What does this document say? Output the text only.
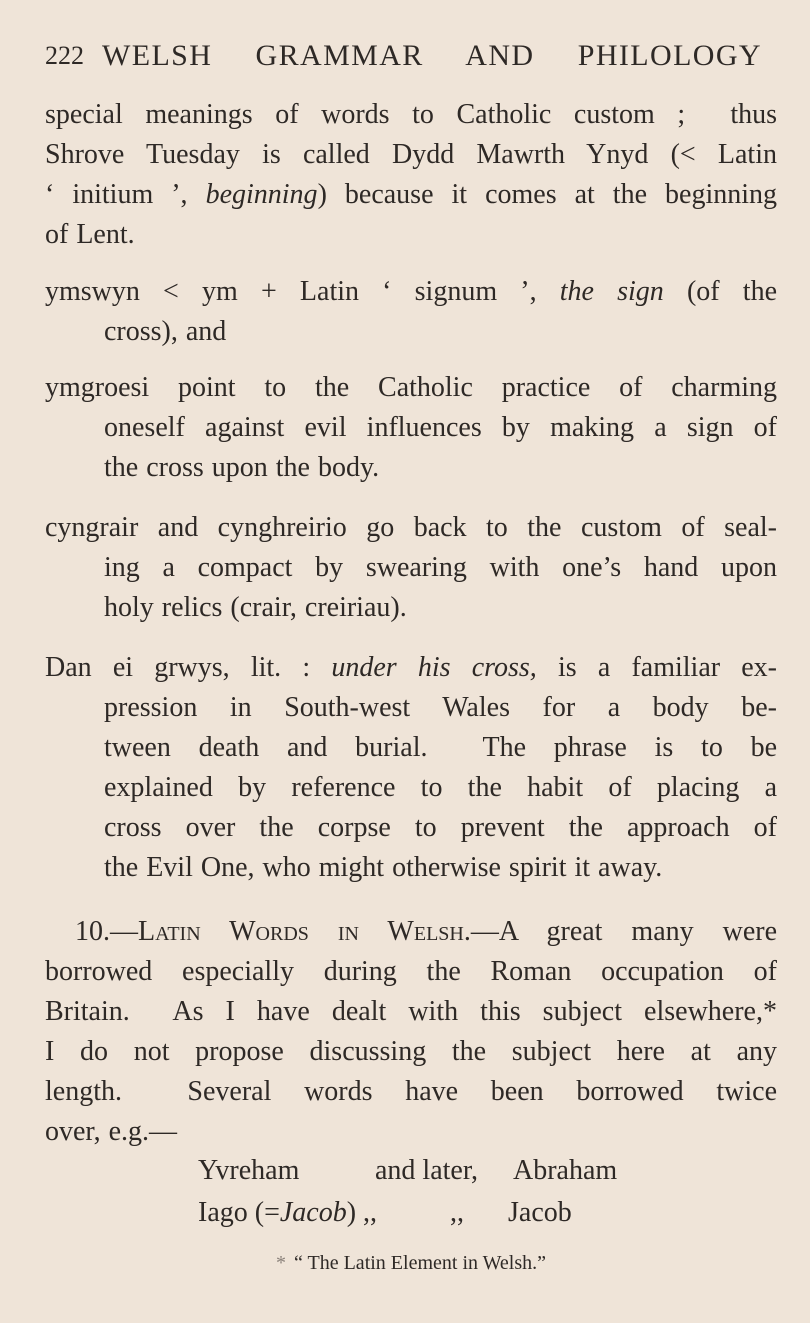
222 WELSH GRAMMAR AND PHILOLOGY
special meanings of words to Catholic custom ;  thus
Shrove Tuesday is called Dydd Mawrth Ynyd (< Latin
‘ initium ’, beginning) because it comes at the beginning
of Lent.
ymswyn < ym + Latin ‘ signum ’, the sign (of the
cross), and
ymgroesi point to the Catholic practice of charming
oneself against evil influences by making a sign of
the cross upon the body.
cyngrair and cynghreirio go back to the custom of seal-
ing a compact by swearing with one’s hand upon
holy relics (crair, creiriau).
Dan ei grwys, lit. : under his cross, is a familiar ex-
pression in South-west Wales for a body be-
tween death and burial.  The phrase is to be
explained by reference to the habit of placing a
cross over the corpse to prevent the approach of
the Evil One, who might otherwise spirit it away.
10.—Latin Words in Welsh.—A great many were
borrowed especially during the Roman occupation of
Britain.  As I have dealt with this subject elsewhere,*
I do not propose discussing the subject here at any
length.  Several words have been borrowed twice
over, e.g.—
Yvreham	and later, Abraham
Iago (=Jacob) ,,	,, Jacob
* “ The Latin Element in Welsh.”
